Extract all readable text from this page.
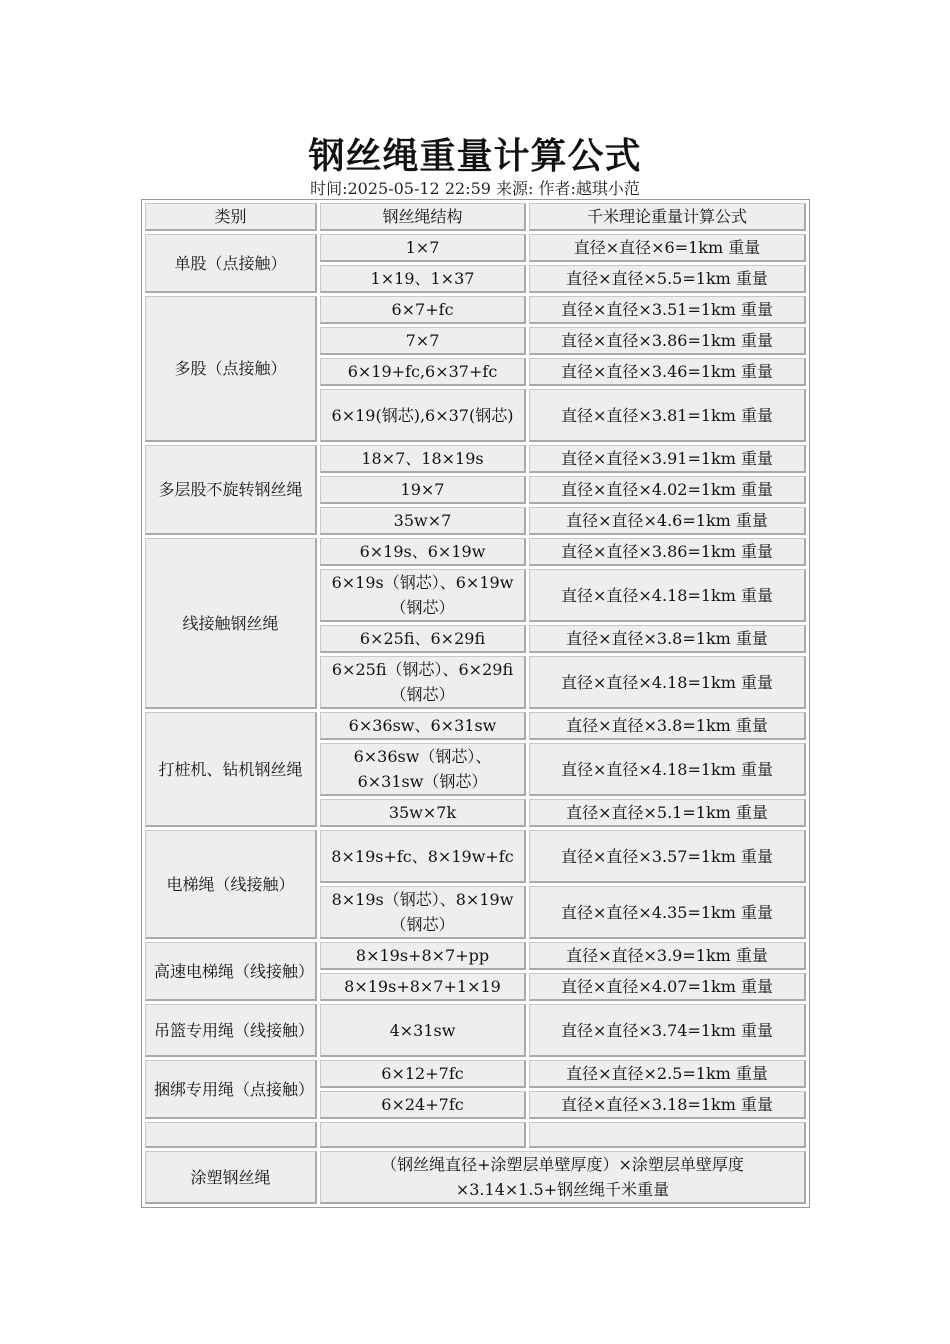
钢丝绳重量计算公式
时间:2025-05-12 22:59 来源: 作者:越琪小范
类别	钢丝绳结构	千米理论重量计算公式
单股（点接触）	1×7	直径×直径×6=1km 重量
	1×19、1×37	直径×直径×5.5=1km 重量
多股（点接触）	6×7+fc	直径×直径×3.51=1km 重量
	7×7	直径×直径×3.86=1km 重量
	6×19+fc,6×37+fc	直径×直径×3.46=1km 重量
	6×19(钢芯),6×37(钢芯)	直径×直径×3.81=1km 重量
多层股不旋转钢丝绳	18×7、18×19s	直径×直径×3.91=1km 重量
	19×7	直径×直径×4.02=1km 重量
	35w×7	直径×直径×4.6=1km 重量
线接触钢丝绳	6×19s、6×19w	直径×直径×3.86=1km 重量
	6×19s（钢芯）、6×19w（钢芯）	直径×直径×4.18=1km 重量
	6×25fi、6×29fi	直径×直径×3.8=1km 重量
	6×25fi（钢芯）、6×29fi（钢芯）	直径×直径×4.18=1km 重量
打桩机、钻机钢丝绳	6×36sw、6×31sw	直径×直径×3.8=1km 重量
	6×36sw（钢芯）、6×31sw（钢芯）	直径×直径×4.18=1km 重量
	35w×7k	直径×直径×5.1=1km 重量
电梯绳（线接触）	8×19s+fc、8×19w+fc	直径×直径×3.57=1km 重量
	8×19s（钢芯）、8×19w（钢芯）	直径×直径×4.35=1km 重量
高速电梯绳（线接触）	8×19s+8×7+pp	直径×直径×3.9=1km 重量
	8×19s+8×7+1×19	直径×直径×4.07=1km 重量
吊篮专用绳（线接触）	4×31sw	直径×直径×3.74=1km 重量
捆绑专用绳（点接触）	6×12+7fc	直径×直径×2.5=1km 重量
	6×24+7fc	直径×直径×3.18=1km 重量

涂塑钢丝绳	（钢丝绳直径+涂塑层单壁厚度）×涂塑层单壁厚度×3.14×1.5+钢丝绳千米重量	
